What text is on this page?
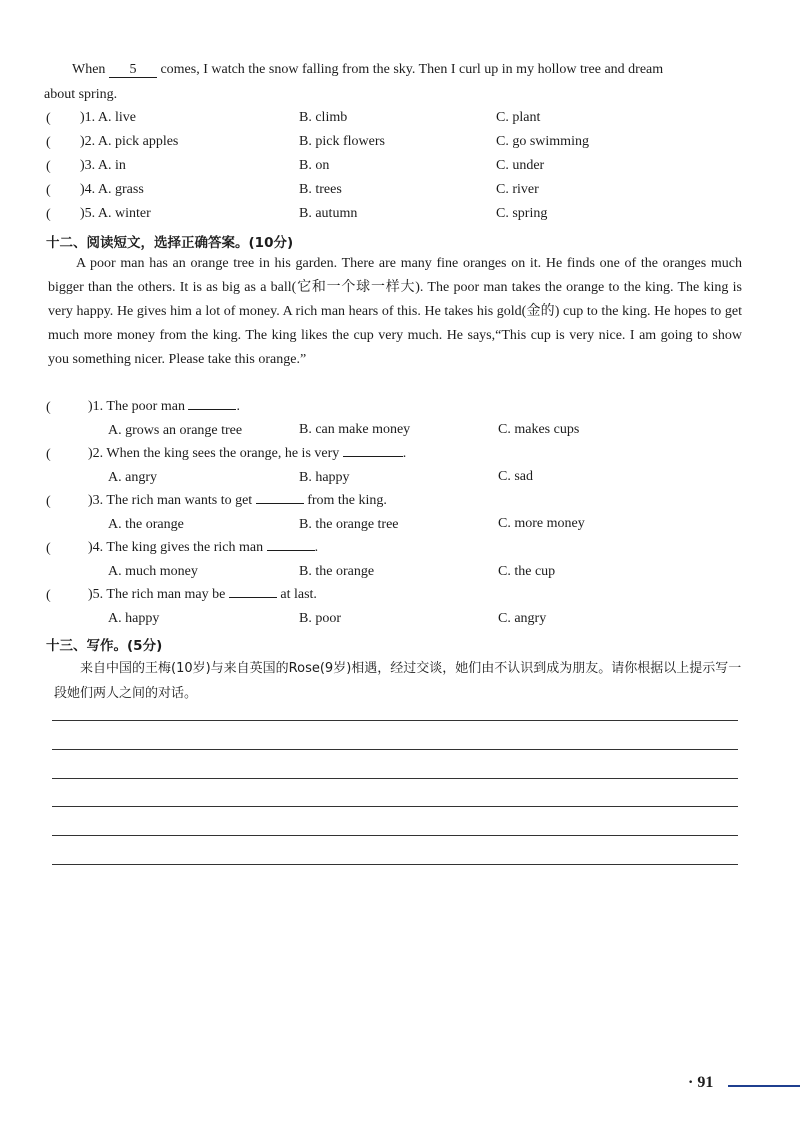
When 5 comes, I watch the snow falling from the sky. Then I curl up in my hollow tree and dream
about spring.
( )1. A. live	B. climb	C. plant
( )2. A. pick apples	B. pick flowers	C. go swimming
( )3. A. in	B. on	C. under
( )4. A. grass	B. trees	C. river
( )5. A. winter	B. autumn	C. spring
十二、阅读短文，选择正确答案。(10分)
A poor man has an orange tree in his garden. There are many fine oranges on it. He finds one of the oranges much bigger than the others. It is as big as a ball(它和一个球一样大). The poor man takes the orange to the king. The king is very happy. He gives him a lot of money. A rich man hears of this. He takes his gold(金的) cup to the king. He hopes to get much more money from the king. The king likes the cup very much. He says,“This cup is very nice. I am going to show you something nicer. Please take this orange.”
(	)1. The poor man	.
A. grows an orange tree	B. can make money	C. makes cups
(	)2. When the king sees the orange, he is very	.
A. angry	B. happy	C. sad
(	)3. The rich man wants to get	from the king.
A. the orange	B. the orange tree	C. more money
(	)4. The king gives the rich man	.
A. much money	B. the orange	C. the cup
(	)5. The rich man may be	at last.
A. happy	B. poor	C. angry
十三、写作。(5分)
来自中国的王梅(10岁)与来自英国的Rose(9岁)相遇，经过交谈，她们由不认识到成为朋友。请你根据以上提示写一段她们两人之间的对话。
· 91
